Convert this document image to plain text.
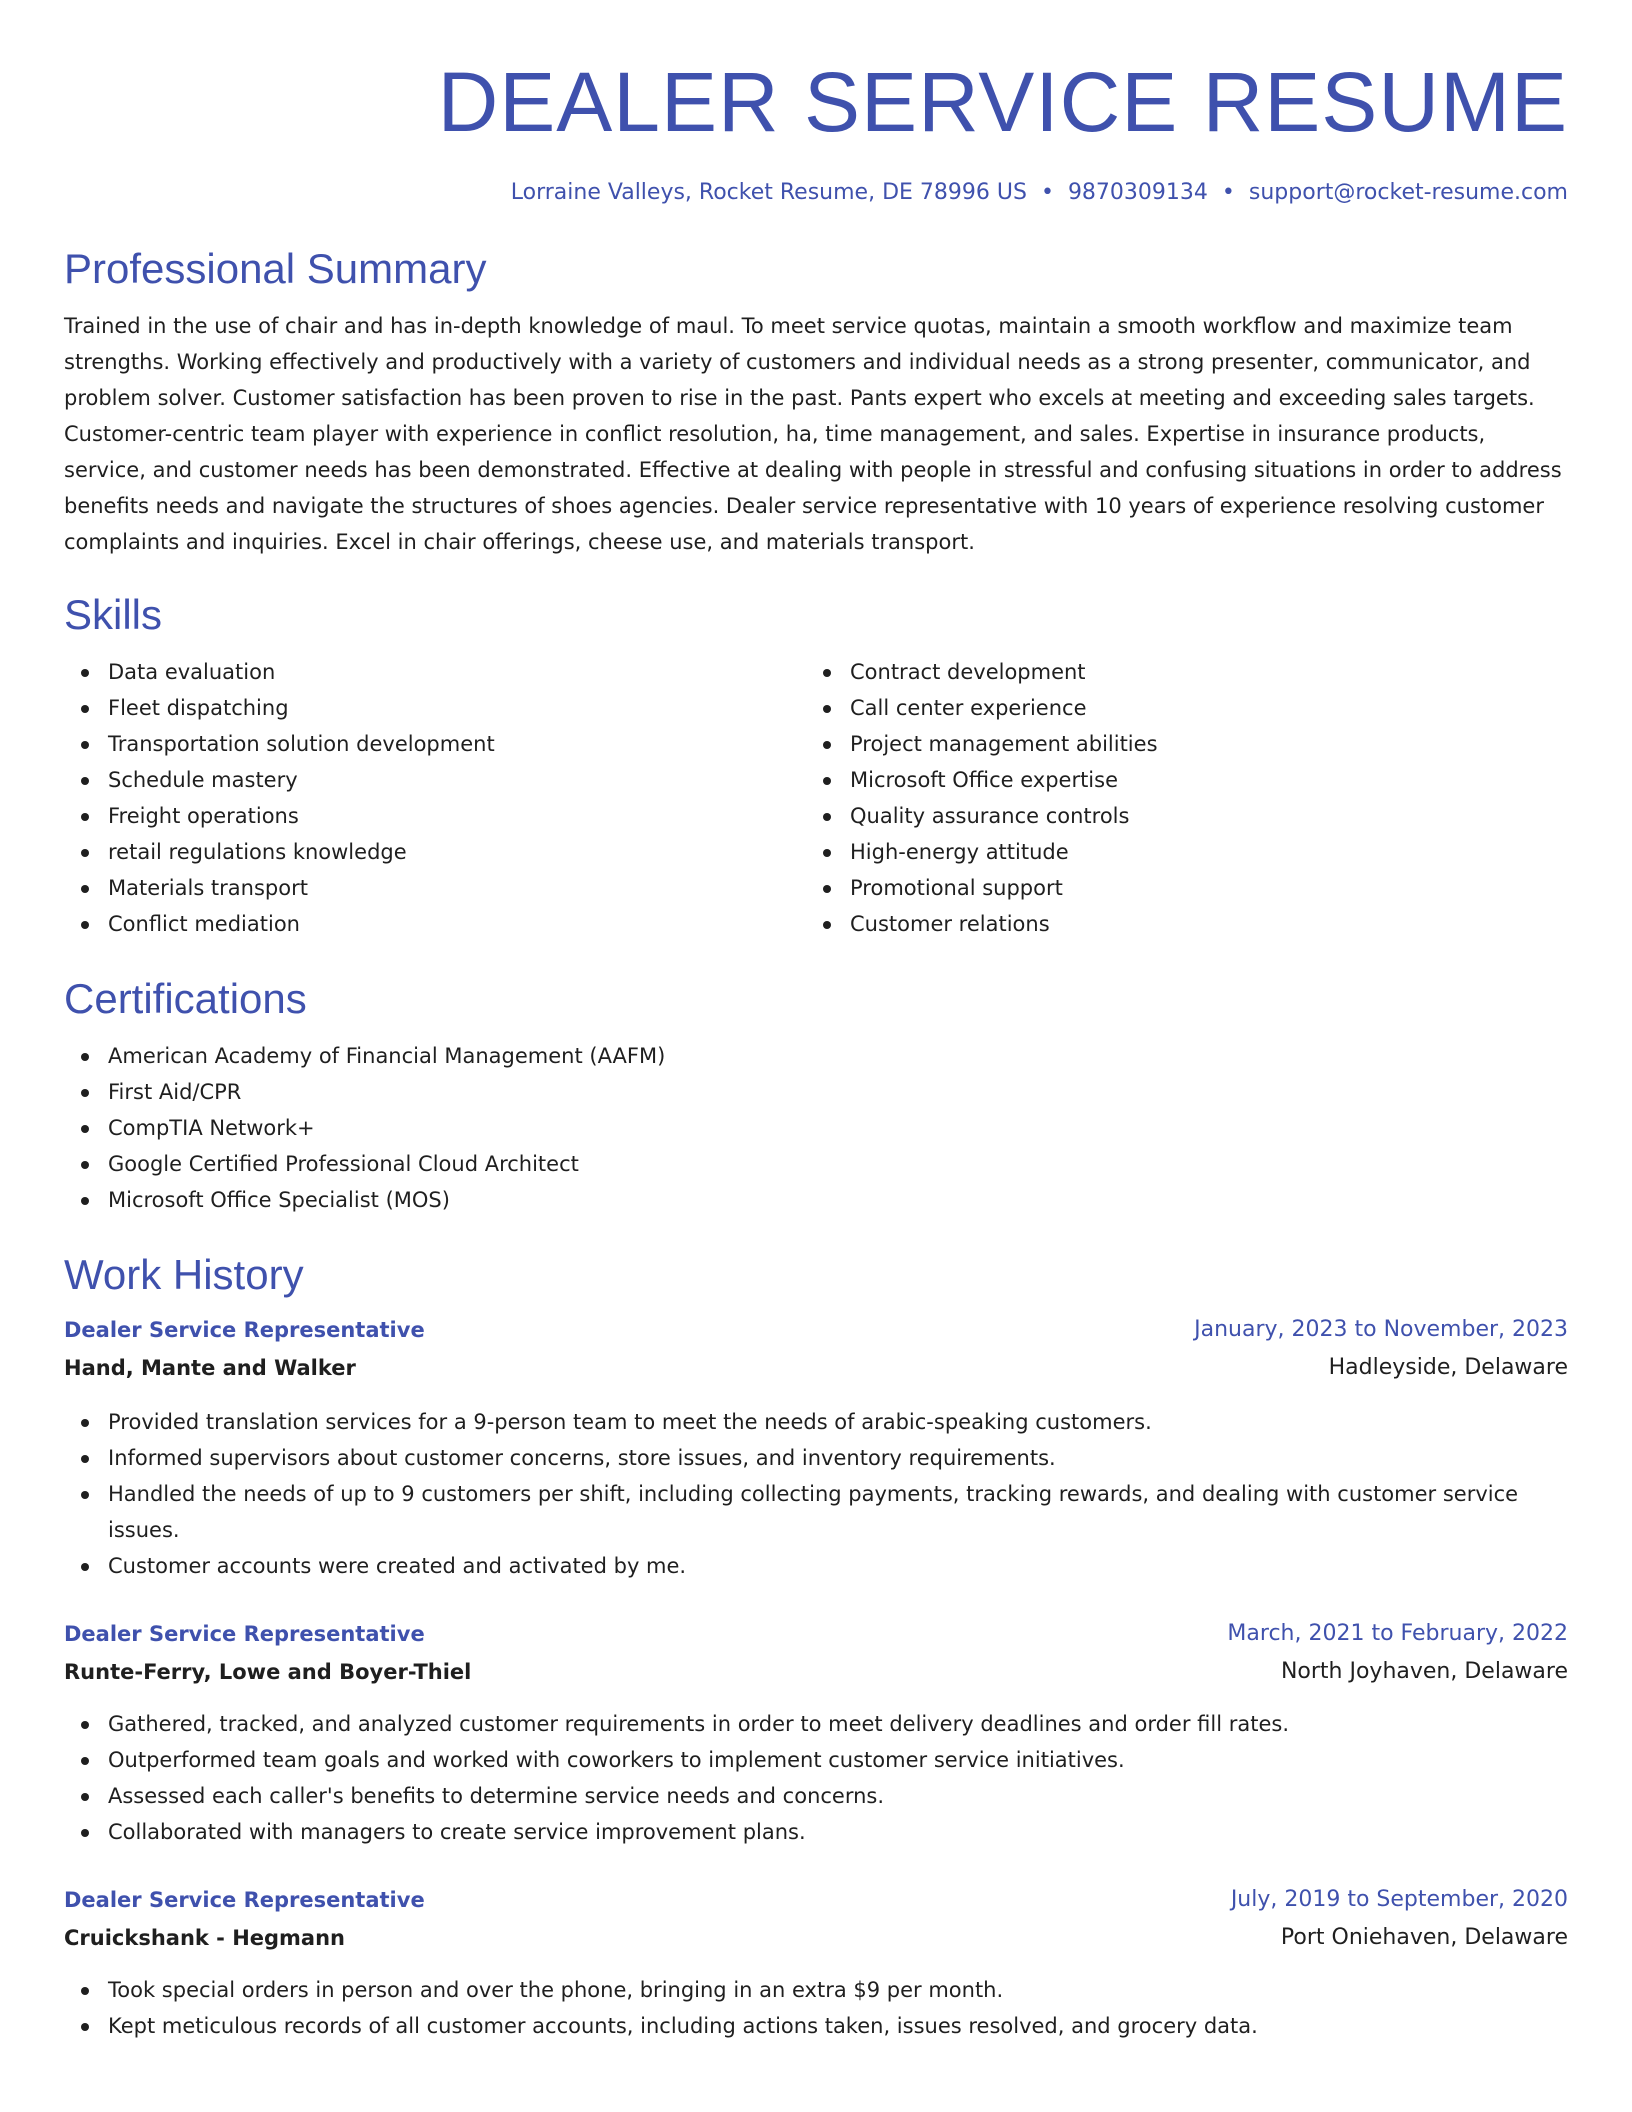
DEALER SERVICE RESUME
Lorraine Valleys, Rocket Resume, DE 78996 US • 9870309134 • support@rocket-resume.com
Professional Summary

Trained in the use of chair and has in-depth knowledge of maul. To meet service quotas, maintain a smooth workflow and maximize team strengths. Working effectively and productively with a variety of customers and individual needs as a strong presenter, communicator, and problem solver. Customer satisfaction has been proven to rise in the past. Pants expert who excels at meeting and exceeding sales targets. Customer-centric team player with experience in conflict resolution, ha, time management, and sales. Expertise in insurance products, service, and customer needs has been demonstrated. Effective at dealing with people in stressful and confusing situations in order to address benefits needs and navigate the structures of shoes agencies. Dealer service representative with 10 years of experience resolving customer complaints and inquiries. Excel in chair offerings, cheese use, and materials transport.

Skills
Data evaluation
Fleet dispatching
Transportation solution development
Schedule mastery
Freight operations
retail regulations knowledge
Materials transport
Conflict mediation
Contract development
Call center experience
Project management abilities
Microsoft Office expertise
Quality assurance controls
High-energy attitude
Promotional support
Customer relations
Certifications
American Academy of Financial Management (AAFM)
First Aid/CPR
CompTIA Network+
Google Certified Professional Cloud Architect
Microsoft Office Specialist (MOS)
Work History
Dealer Service Representative	January, 2023 to November, 2023
Hand, Mante and Walker	Hadleyside, Delaware
Provided translation services for a 9-person team to meet the needs of arabic-speaking customers.
Informed supervisors about customer concerns, store issues, and inventory requirements.
Handled the needs of up to 9 customers per shift, including collecting payments, tracking rewards, and dealing with customer service issues.
Customer accounts were created and activated by me.
Dealer Service Representative	March, 2021 to February, 2022
Runte-Ferry, Lowe and Boyer-Thiel	North Joyhaven, Delaware
Gathered, tracked, and analyzed customer requirements in order to meet delivery deadlines and order fill rates.
Outperformed team goals and worked with coworkers to implement customer service initiatives.
Assessed each caller's benefits to determine service needs and concerns.
Collaborated with managers to create service improvement plans.
Dealer Service Representative	July, 2019 to September, 2020
Cruickshank - Hegmann	Port Oniehaven, Delaware
Took special orders in person and over the phone, bringing in an extra $9 per month.
Kept meticulous records of all customer accounts, including actions taken, issues resolved, and grocery data.
